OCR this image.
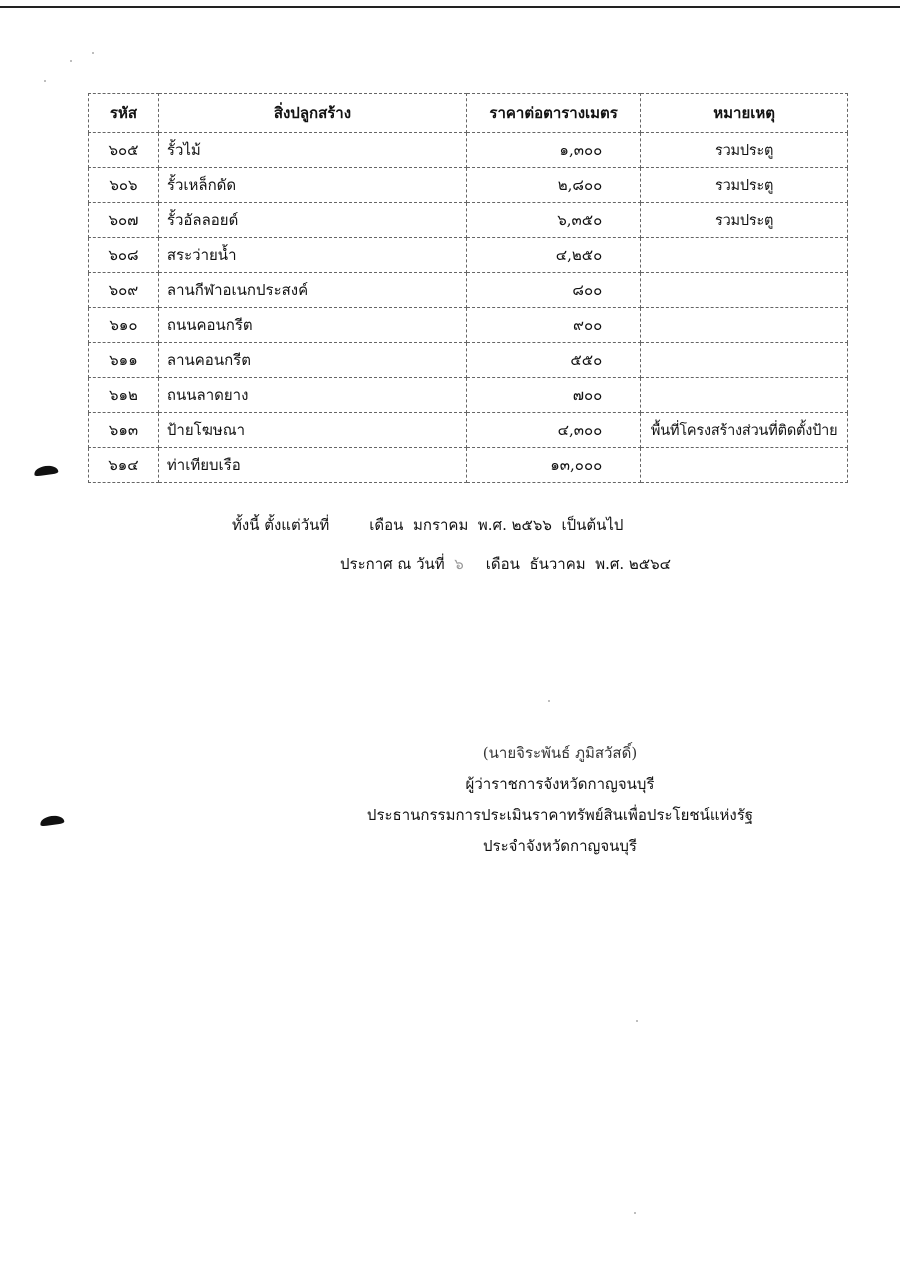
รหัส	สิ่งปลูกสร้าง	ราคาต่อตารางเมตร	หมายเหตุ
๖๐๕	รั้วไม้	๑,๓๐๐	รวมประตู
๖๐๖	รั้วเหล็กดัด	๒,๘๐๐	รวมประตู
๖๐๗	รั้วอัลลอยด์	๖,๓๕๐	รวมประตู
๖๐๘	สระว่ายน้ำ	๔,๒๕๐	
๖๐๙	ลานกีฬาอเนกประสงค์	๘๐๐	
๖๑๐	ถนนคอนกรีต	๙๐๐	
๖๑๑	ลานคอนกรีต	๕๕๐	
๖๑๒	ถนนลาดยาง	๗๐๐	
๖๑๓	ป้ายโฆษณา	๔,๓๐๐	พื้นที่โครงสร้างส่วนที่ติดตั้งป้าย
๖๑๔	ท่าเทียบเรือ	๑๓,๐๐๐	
ทั้งนี้ ตั้งแต่วันที่	เดือน มกราคม พ.ศ. ๒๕๖๖ เป็นต้นไป
ประกาศ ณ วันที่ ๖ เดือน ธันวาคม พ.ศ. ๒๕๖๔
(นายจิระพันธ์ ภูมิสวัสดิ์)
ผู้ว่าราชการจังหวัดกาญจนบุรี
ประธานกรรมการประเมินราคาทรัพย์สินเพื่อประโยชน์แห่งรัฐ
ประจำจังหวัดกาญจนบุรี
